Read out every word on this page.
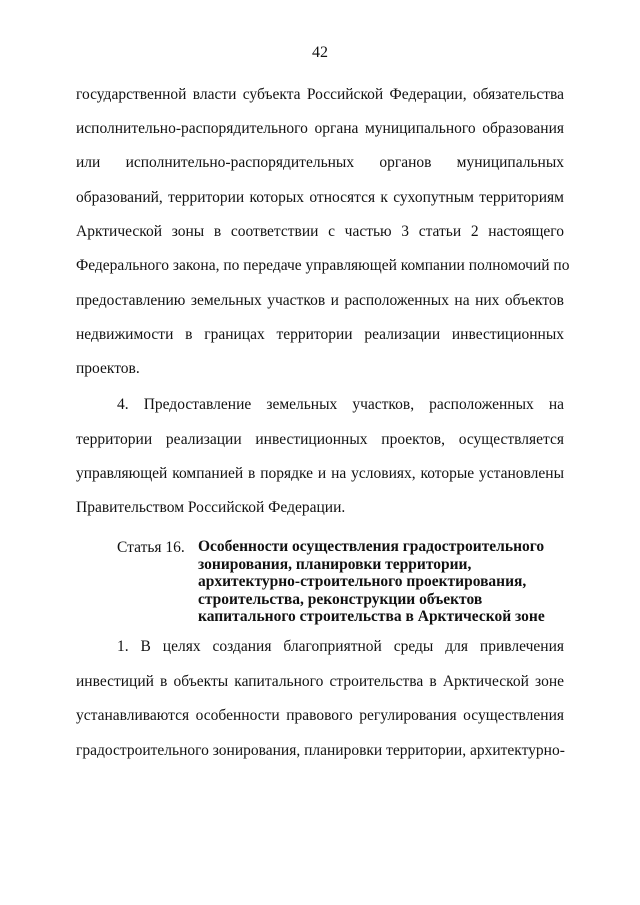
42
государственной власти субъекта Российской Федерации, обязательства
исполнительно-распорядительного органа муниципального образования
или исполнительно-распорядительных органов муниципальных
образований, территории которых относятся к сухопутным территориям
Арктической зоны в соответствии с частью 3 статьи 2 настоящего
Федерального закона, по передаче управляющей компании полномочий по
предоставлению земельных участков и расположенных на них объектов
недвижимости в границах территории реализации инвестиционных
проектов.
4. Предоставление земельных участков, расположенных на
территории реализации инвестиционных проектов, осуществляется
управляющей компанией в порядке и на условиях, которые установлены
Правительством Российской Федерации.
Статья 16. Особенности осуществления градостроительного
зонирования, планировки территории,
архитектурно-строительного проектирования,
строительства, реконструкции объектов
капитального строительства в Арктической зоне
1. В целях создания благоприятной среды для привлечения
инвестиций в объекты капитального строительства в Арктической зоне
устанавливаются особенности правового регулирования осуществления
градостроительного зонирования, планировки территории, архитектурно-
